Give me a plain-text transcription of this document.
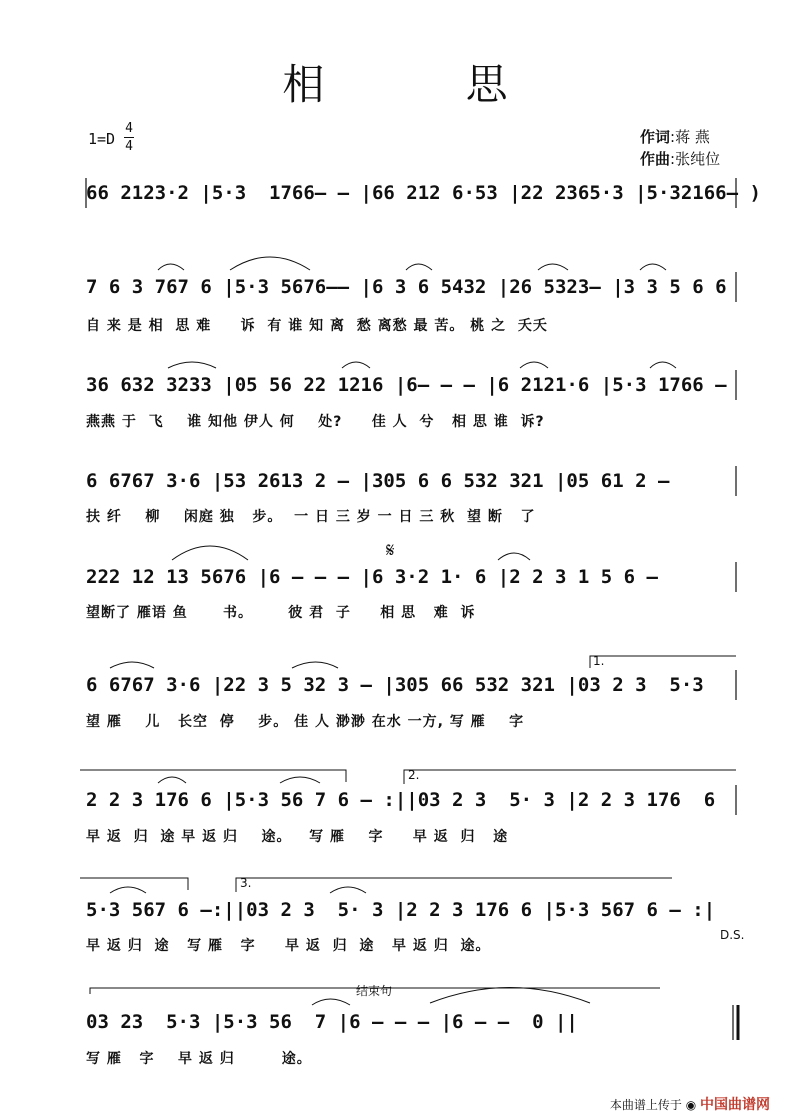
相 思
1=D
4
4
作词:蒋 燕
作曲:张纯位
66 2123·2 |5·3  1766– – |66 212 6·53 |22 2365·3 |5·32166– )
7 6 3 767 6 |5·3 5676–– |6 3 6 5432 |26 5323– |3 3 5 6 6
自 来 是 相  思 难     诉  有 谁 知 离  愁 离愁 最 苦。 桃 之  夭夭
36 632 3233 |05 56 22 1216 |6– – – |6 2121·6 |5·3 1766 –
燕燕 于  飞    谁 知他 伊人 何    处?     佳 人  兮   相 思 谁  诉?
6 6767 3·6 |53 2613 2 – |305 6 6 532 321 |05 61 2 –
扶 纤    柳    闲庭 独   步。  一 日 三 岁 一 日 三 秋  望 断   了
222 12 13 5676 |6 – – – |6 3·2 1· 6 |2 2 3 1 5 6 –
望断了 雁语 鱼      书。      彼 君  子     相 思   难  诉
6 6767 3·6 |22 3 5 32 3 – |305 66 532 321 |03 2 3  5·3
望 雁    儿   长空  停    步。 佳 人 渺渺 在水 一方, 写 雁    字
2 2 3 176 6 |5·3 56 7 6 – :||03 2 3  5· 3 |2 2 3 176  6
早 返  归  途 早 返 归    途。   写 雁    字     早 返  归   途
5·3 567 6 –:||03 2 3  5· 3 |2 2 3 176 6 |5·3 567 6 – :|
早 返 归  途   写 雁   字     早 返  归  途   早 返 归  途。
03 23  5·3 |5·3 56  7 |6 – – – |6 – –  0 ||
写 雁   字    早 返 归        途。
𝄋
1.
2.
3.
D.S.
结束句
本曲谱上传于 ◉ 中国曲谱网
